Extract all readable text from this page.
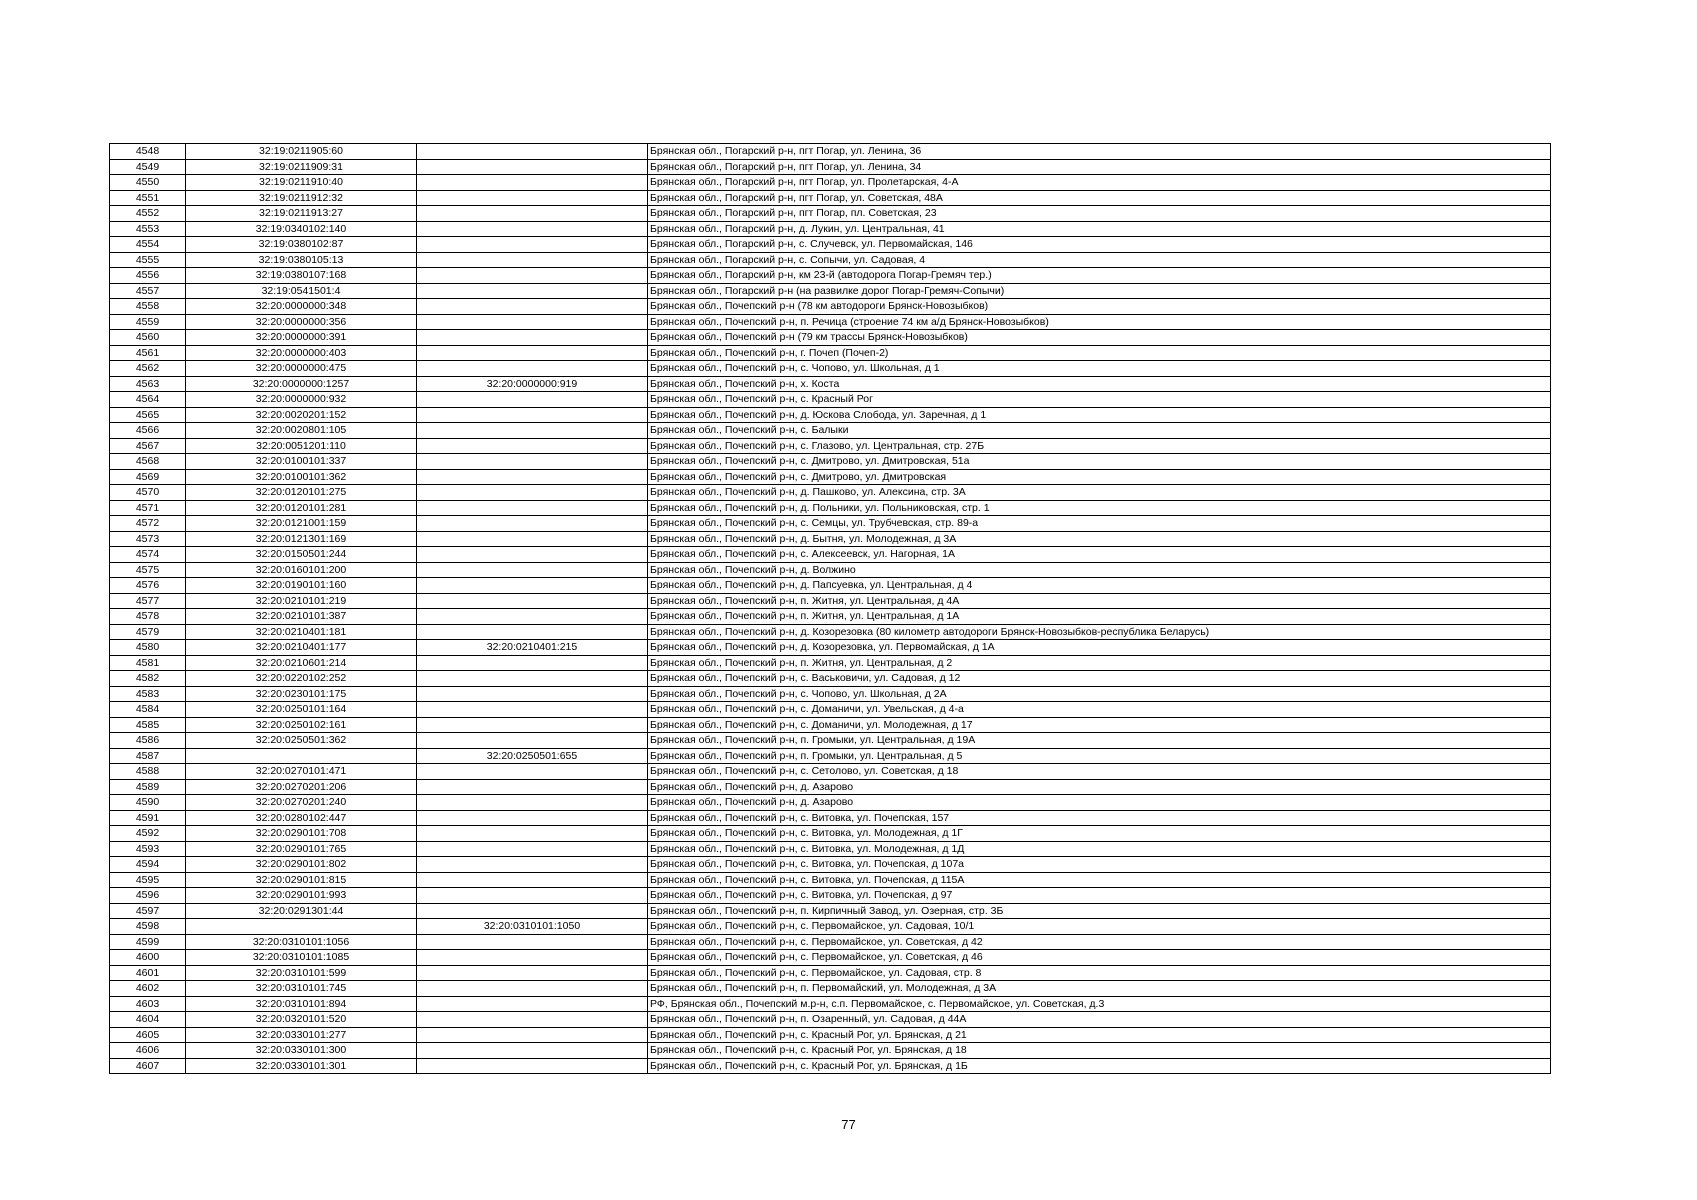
4548	32:19:0211905:60		Брянская обл., Погарский р-н, пгт Погар, ул. Ленина, 36
4549	32:19:0211909:31		Брянская обл., Погарский р-н, пгт Погар, ул. Ленина, 34
4550	32:19:0211910:40		Брянская обл., Погарский р-н, пгт Погар, ул. Пролетарская, 4-А
4551	32:19:0211912:32		Брянская обл., Погарский р-н, пгт Погар, ул. Советская, 48А
4552	32:19:0211913:27		Брянская обл., Погарский р-н, пгт Погар, пл. Советская, 23
4553	32:19:0340102:140		Брянская обл., Погарский р-н, д. Лукин, ул. Центральная, 41
4554	32:19:0380102:87		Брянская обл., Погарский р-н, с. Случевск, ул. Первомайская, 146
4555	32:19:0380105:13		Брянская обл., Погарский р-н, с. Сопычи, ул. Садовая, 4
4556	32:19:0380107:168		Брянская обл., Погарский р-н, км 23-й (автодорога Погар-Гремяч тер.)
4557	32:19:0541501:4		Брянская обл., Погарский р-н (на развилке дорог Погар-Гремяч-Сопычи)
4558	32:20:0000000:348		Брянская обл., Почепский р-н (78 км автодороги Брянск-Новозыбков)
4559	32:20:0000000:356		Брянская обл., Почепский р-н, п. Речица (строение 74 км а/д Брянск-Новозыбков)
4560	32:20:0000000:391		Брянская обл., Почепский р-н (79 км трассы Брянск-Новозыбков)
4561	32:20:0000000:403		Брянская обл., Почепский р-н, г. Почеп (Почеп-2)
4562	32:20:0000000:475		Брянская обл., Почепский р-н, с. Чопово, ул. Школьная, д 1
4563	32:20:0000000:1257	32:20:0000000:919	Брянская обл., Почепский р-н, х. Коста
4564	32:20:0000000:932		Брянская обл., Почепский р-н, с. Красный Рог
4565	32:20:0020201:152		Брянская обл., Почепский р-н, д. Юскова Слобода, ул. Заречная, д 1
4566	32:20:0020801:105		Брянская обл., Почепский р-н, с. Балыки
4567	32:20:0051201:110		Брянская обл., Почепский р-н, с. Глазово, ул. Центральная, стр. 27Б
4568	32:20:0100101:337		Брянская обл., Почепский р-н, с. Дмитрово, ул. Дмитровская, 51а
4569	32:20:0100101:362		Брянская обл., Почепский р-н, с. Дмитрово, ул. Дмитровская
4570	32:20:0120101:275		Брянская обл., Почепский р-н, д. Пашково, ул. Алексина, стр. 3А
4571	32:20:0120101:281		Брянская обл., Почепский р-н, д. Польники, ул. Польниковская, стр. 1
4572	32:20:0121001:159		Брянская обл., Почепский р-н, с. Семцы, ул. Трубчевская, стр. 89-а
4573	32:20:0121301:169		Брянская обл., Почепский р-н, д. Бытня, ул. Молодежная, д 3А
4574	32:20:0150501:244		Брянская обл., Почепский р-н, с. Алексеевск, ул. Нагорная, 1А
4575	32:20:0160101:200		Брянская обл., Почепский р-н, д. Волжино
4576	32:20:0190101:160		Брянская обл., Почепский р-н, д. Папсуевка, ул. Центральная, д 4
4577	32:20:0210101:219		Брянская обл., Почепский р-н, п. Житня, ул. Центральная, д 4А
4578	32:20:0210101:387		Брянская обл., Почепский р-н, п. Житня, ул. Центральная, д 1А
4579	32:20:0210401:181		Брянская обл., Почепский р-н, д. Козорезовка (80 километр автодороги Брянск-Новозыбков-республика Беларусь)
4580	32:20:0210401:177	32:20:0210401:215	Брянская обл., Почепский р-н, д. Козорезовка, ул. Первомайская, д 1А
4581	32:20:0210601:214		Брянская обл., Почепский р-н, п. Житня, ул. Центральная, д 2
4582	32:20:0220102:252		Брянская обл., Почепский р-н, с. Васьковичи, ул. Садовая, д 12
4583	32:20:0230101:175		Брянская обл., Почепский р-н, с. Чопово, ул. Школьная, д 2А
4584	32:20:0250101:164		Брянская обл., Почепский р-н, с. Доманичи, ул. Увельская, д 4-а
4585	32:20:0250102:161		Брянская обл., Почепский р-н, с. Доманичи, ул. Молодежная, д 17
4586	32:20:0250501:362		Брянская обл., Почепский р-н, п. Громыки, ул. Центральная, д 19А
4587		32:20:0250501:655	Брянская обл., Почепский р-н, п. Громыки, ул. Центральная, д 5
4588	32:20:0270101:471		Брянская обл., Почепский р-н, с. Сетолово, ул. Советская, д 18
4589	32:20:0270201:206		Брянская обл., Почепский р-н, д. Азарово
4590	32:20:0270201:240		Брянская обл., Почепский р-н, д. Азарово
4591	32:20:0280102:447		Брянская обл., Почепский р-н, с. Витовка, ул. Почепская, 157
4592	32:20:0290101:708		Брянская обл., Почепский р-н, с. Витовка, ул. Молодежная, д 1Г
4593	32:20:0290101:765		Брянская обл., Почепский р-н, с. Витовка, ул. Молодежная, д 1Д
4594	32:20:0290101:802		Брянская обл., Почепский р-н, с. Витовка, ул. Почепская, д 107а
4595	32:20:0290101:815		Брянская обл., Почепский р-н, с. Витовка, ул. Почепская, д 115А
4596	32:20:0290101:993		Брянская обл., Почепский р-н, с. Витовка, ул. Почепская, д 97
4597	32:20:0291301:44		Брянская обл., Почепский р-н, п. Кирпичный Завод, ул. Озерная, стр. 3Б
4598		32:20:0310101:1050	Брянская обл., Почепский р-н, с. Первомайское, ул. Садовая, 10/1
4599	32:20:0310101:1056		Брянская обл., Почепский р-н, с. Первомайское, ул. Советская, д 42
4600	32:20:0310101:1085		Брянская обл., Почепский р-н, с. Первомайское, ул. Советская, д 46
4601	32:20:0310101:599		Брянская обл., Почепский р-н, с. Первомайское, ул. Садовая, стр. 8
4602	32:20:0310101:745		Брянская обл., Почепский р-н, п. Первомайский, ул. Молодежная, д 3А
4603	32:20:0310101:894		РФ, Брянская обл., Почепский м.р-н, с.п. Первомайское, с. Первомайское, ул. Советская, д.3
4604	32:20:0320101:520		Брянская обл., Почепский р-н, п. Озаренный, ул. Садовая, д 44А
4605	32:20:0330101:277		Брянская обл., Почепский р-н, с. Красный Рог, ул. Брянская, д 21
4606	32:20:0330101:300		Брянская обл., Почепский р-н, с. Красный Рог, ул. Брянская, д 18
4607	32:20:0330101:301		Брянская обл., Почепский р-н, с. Красный Рог, ул. Брянская, д 1Б
77
